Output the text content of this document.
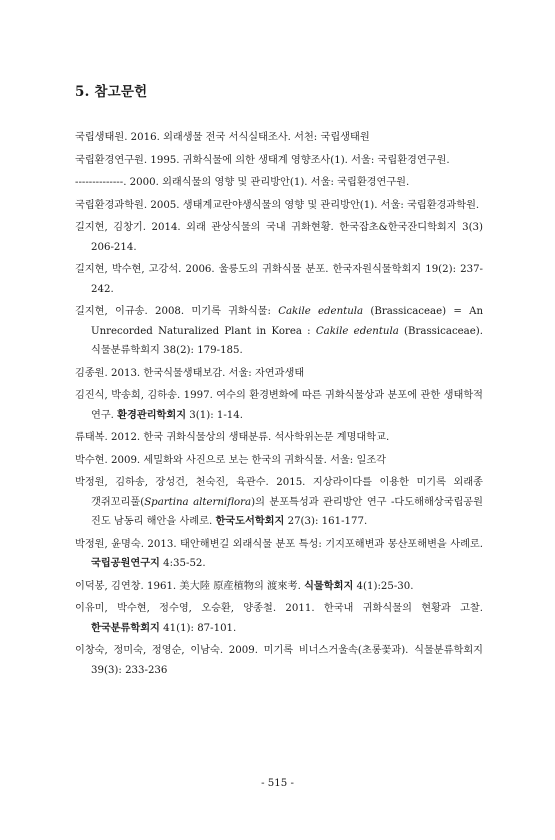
5. 참고문헌
국립생태원. 2016. 외래생물 전국 서식실태조사. 서천: 국립생태원
국립환경연구원. 1995. 귀화식물에 의한 생태계 영향조사(1). 서울: 국립환경연구원.
--------------. 2000. 외래식물의 영향 및 관리방안(1). 서울: 국립환경연구원.
국립환경과학원. 2005. 생태계교란야생식물의 영향 및 관리방안(1). 서울: 국립환경과학원.
길지현, 김창기. 2014. 외래 관상식물의 국내 귀화현황. 한국잡초&한국잔디학회지 3(3) 206-214.
길지현, 박수현, 고강석. 2006. 울릉도의 귀화식물 분포. 한국자원식물학회지 19(2): 237-242.
길지현, 이규송. 2008. 미기록 귀화식물: Cakile edentula (Brassicaceae) = An Unrecorded Naturalized Plant in Korea : Cakile edentula (Brassicaceae). 식물분류학회지 38(2): 179-185.
김종원. 2013. 한국식물생태보감. 서울: 자연과생태
김진식, 박송희, 김하송. 1997. 여수의 환경변화에 따른 귀화식물상과 분포에 관한 생태학적 연구. 환경관리학회지 3(1): 1-14.
류태복. 2012. 한국 귀화식물상의 생태분류. 석사학위논문 계명대학교.
박수현. 2009. 세밀화와 사진으로 보는 한국의 귀화식물. 서울: 일조각
박정원, 김하송, 장성건, 천숙진, 육관수. 2015. 지상라이다를 이용한 미기록 외래종 갯쥐꼬리풀(Spartina alterniflora)의 분포특성과 관리방안 연구 -다도해해상국립공원 진도 남동리 해안을 사례로. 한국도서학회지 27(3): 161-177.
박정원, 윤명숙. 2013. 태안해변길 외래식물 분포 특성: 기지포해변과 몽산포해변을 사례로. 국립공원연구지 4:35-52.
이덕봉, 김연창. 1961. 美大陸 原産植物의 渡來考. 식물학회지 4(1):25-30.
이유미, 박수현, 정수영, 오승환, 양종철. 2011. 한국내 귀화식물의 현황과 고찰. 한국분류학회지 41(1): 87-101.
이창숙, 정미숙, 정영순, 이남숙. 2009. 미기록 비너스거울속(초롱꽃과). 식물분류학회지 39(3): 233-236
- 515 -
